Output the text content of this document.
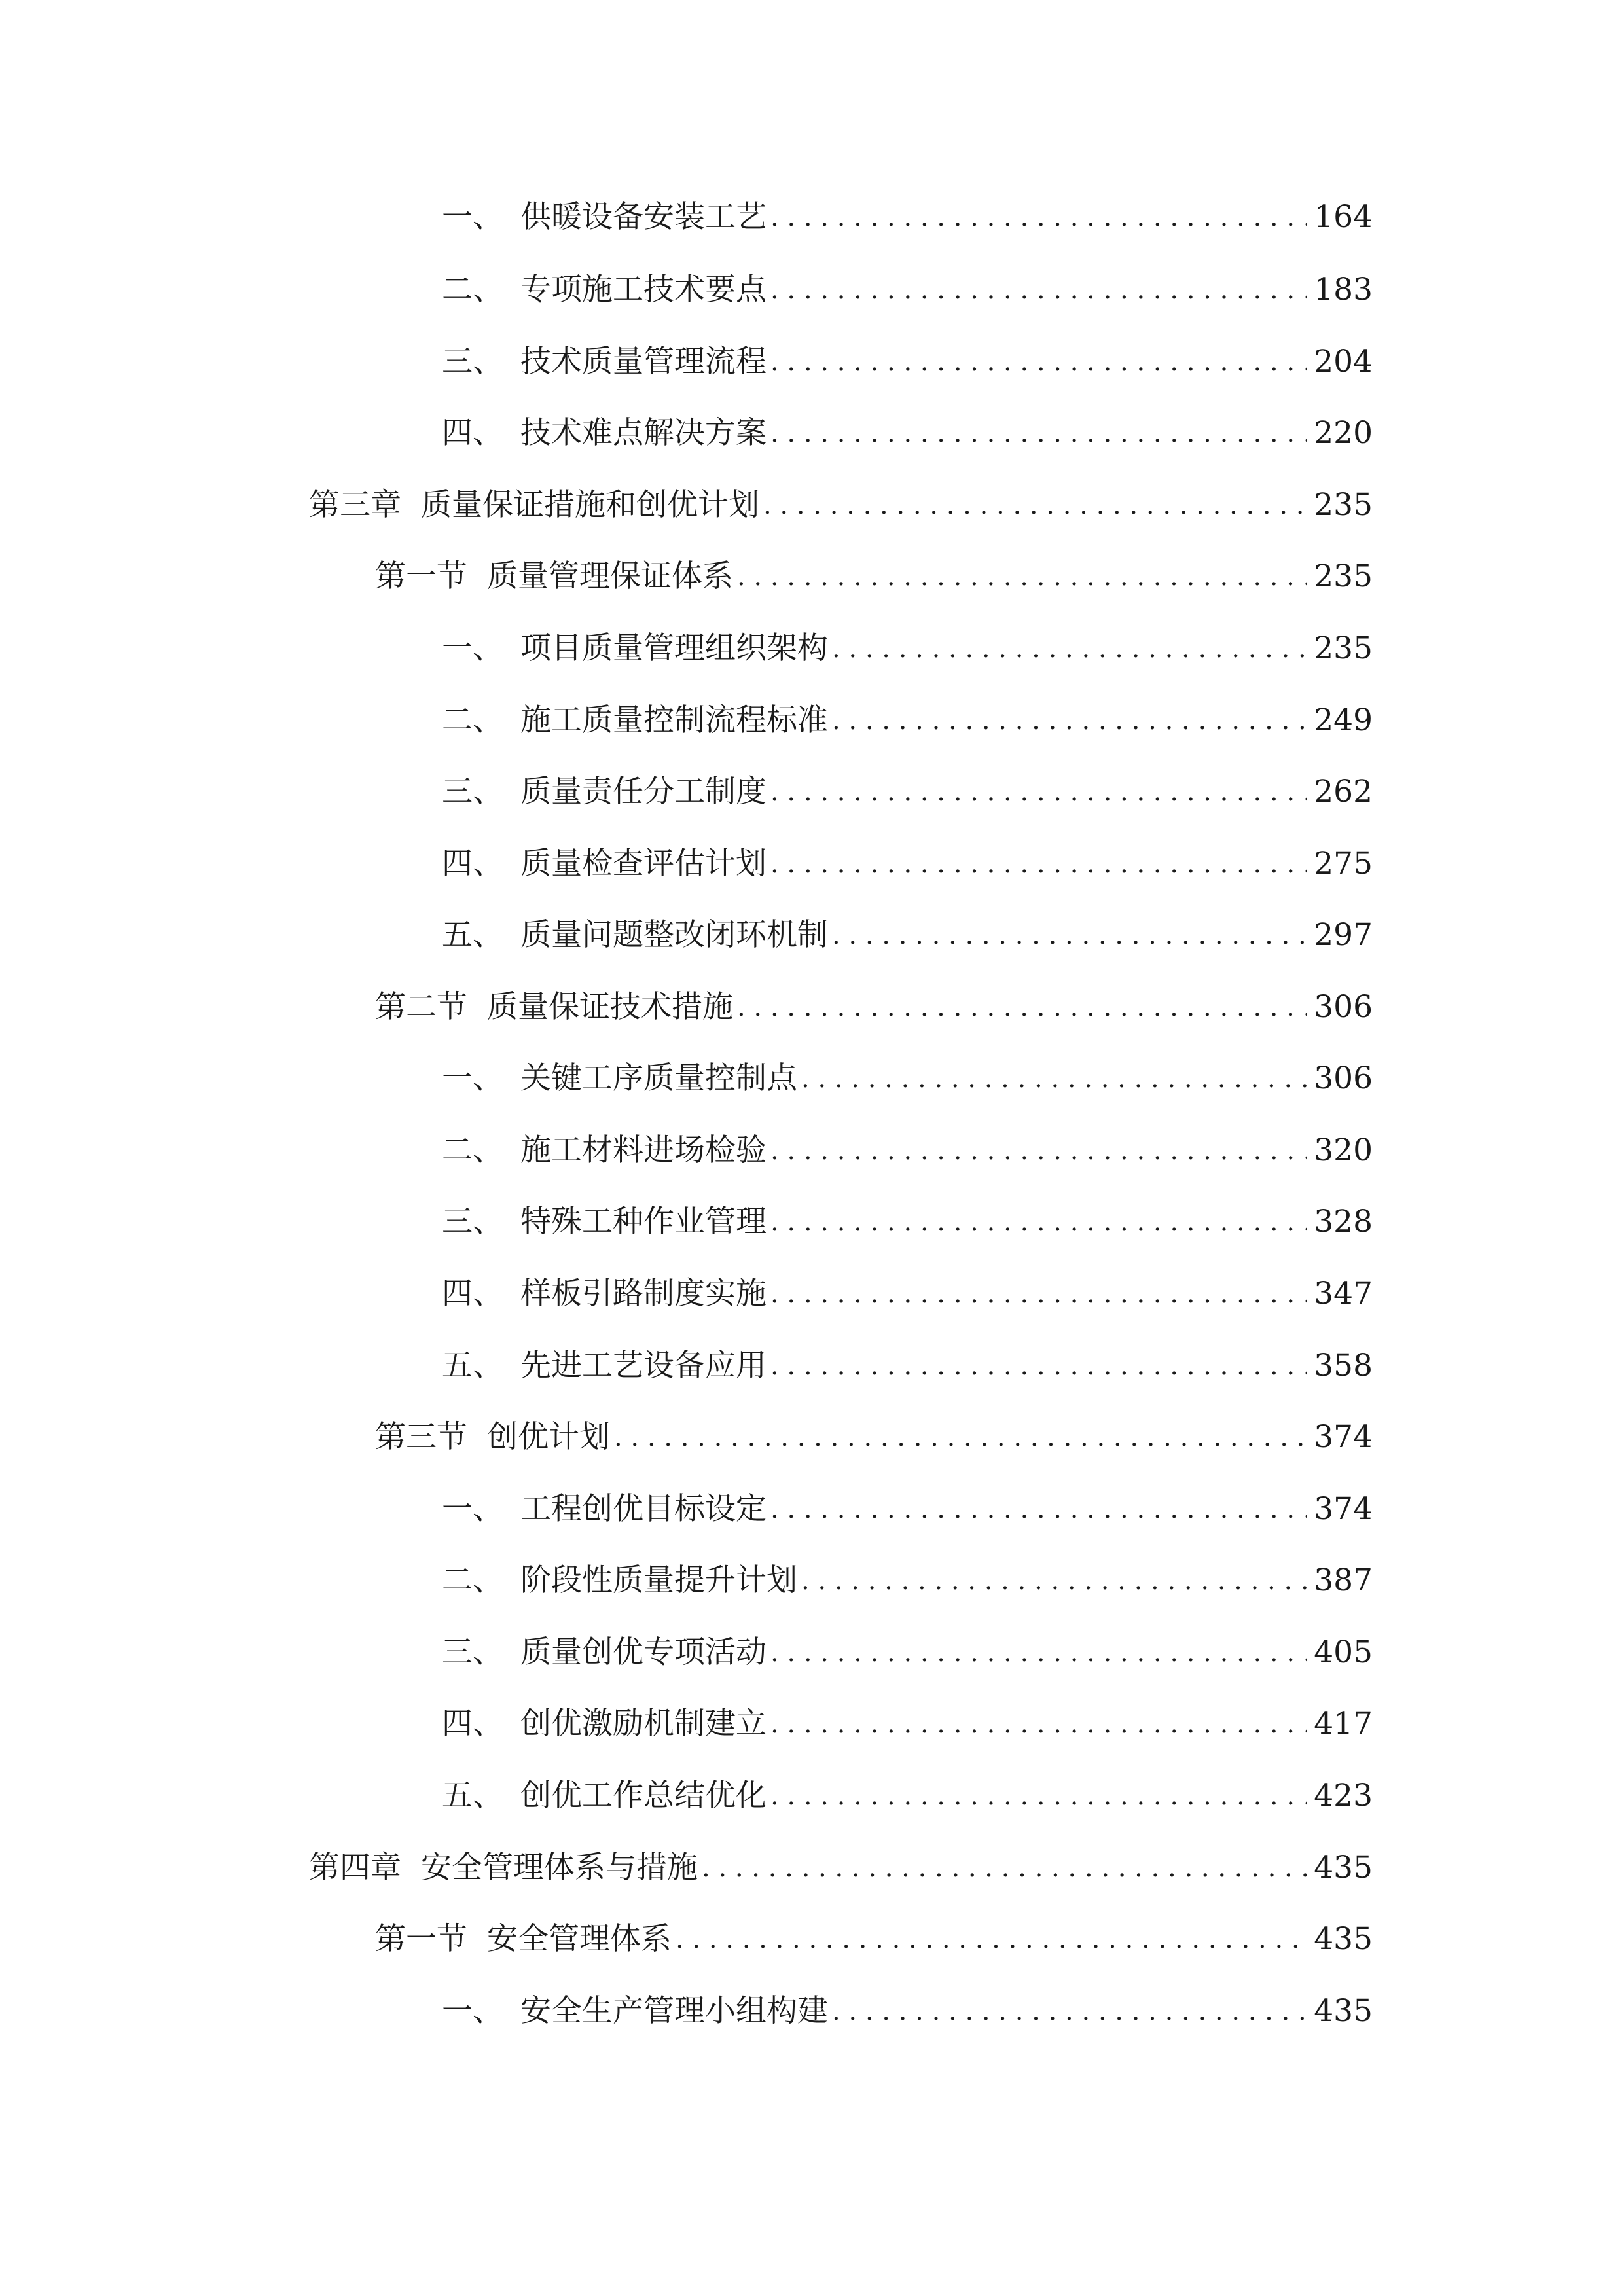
一、 供暖设备安装工艺 . . .	164
二、 专项施工技术要点 . . .	183
三、 技术质量管理流程 . . .	204
四、 技术难点解决方案 . . .	220
第三章 质量保证措施和创优计划 . . .	235
第一节 质量管理保证体系 . . .	235
一、 项目质量管理组织架构 . . .	235
二、 施工质量控制流程标准 . . .	249
三、 质量责任分工制度 . . .	262
四、 质量检查评估计划 . . .	275
五、 质量问题整改闭环机制 . . .	297
第二节 质量保证技术措施 . . .	306
一、 关键工序质量控制点 . . .	306
二、 施工材料进场检验 . . .	320
三、 特殊工种作业管理 . . .	328
四、 样板引路制度实施 . . .	347
五、 先进工艺设备应用 . . .	358
第三节 创优计划 . . .	374
一、 工程创优目标设定 . . .	374
二、 阶段性质量提升计划 . . .	387
三、 质量创优专项活动 . . .	405
四、 创优激励机制建立 . . .	417
五、 创优工作总结优化 . . .	423
第四章 安全管理体系与措施 . . .	435
第一节 安全管理体系 . . .	435
一、 安全生产管理小组构建 . . .	435
